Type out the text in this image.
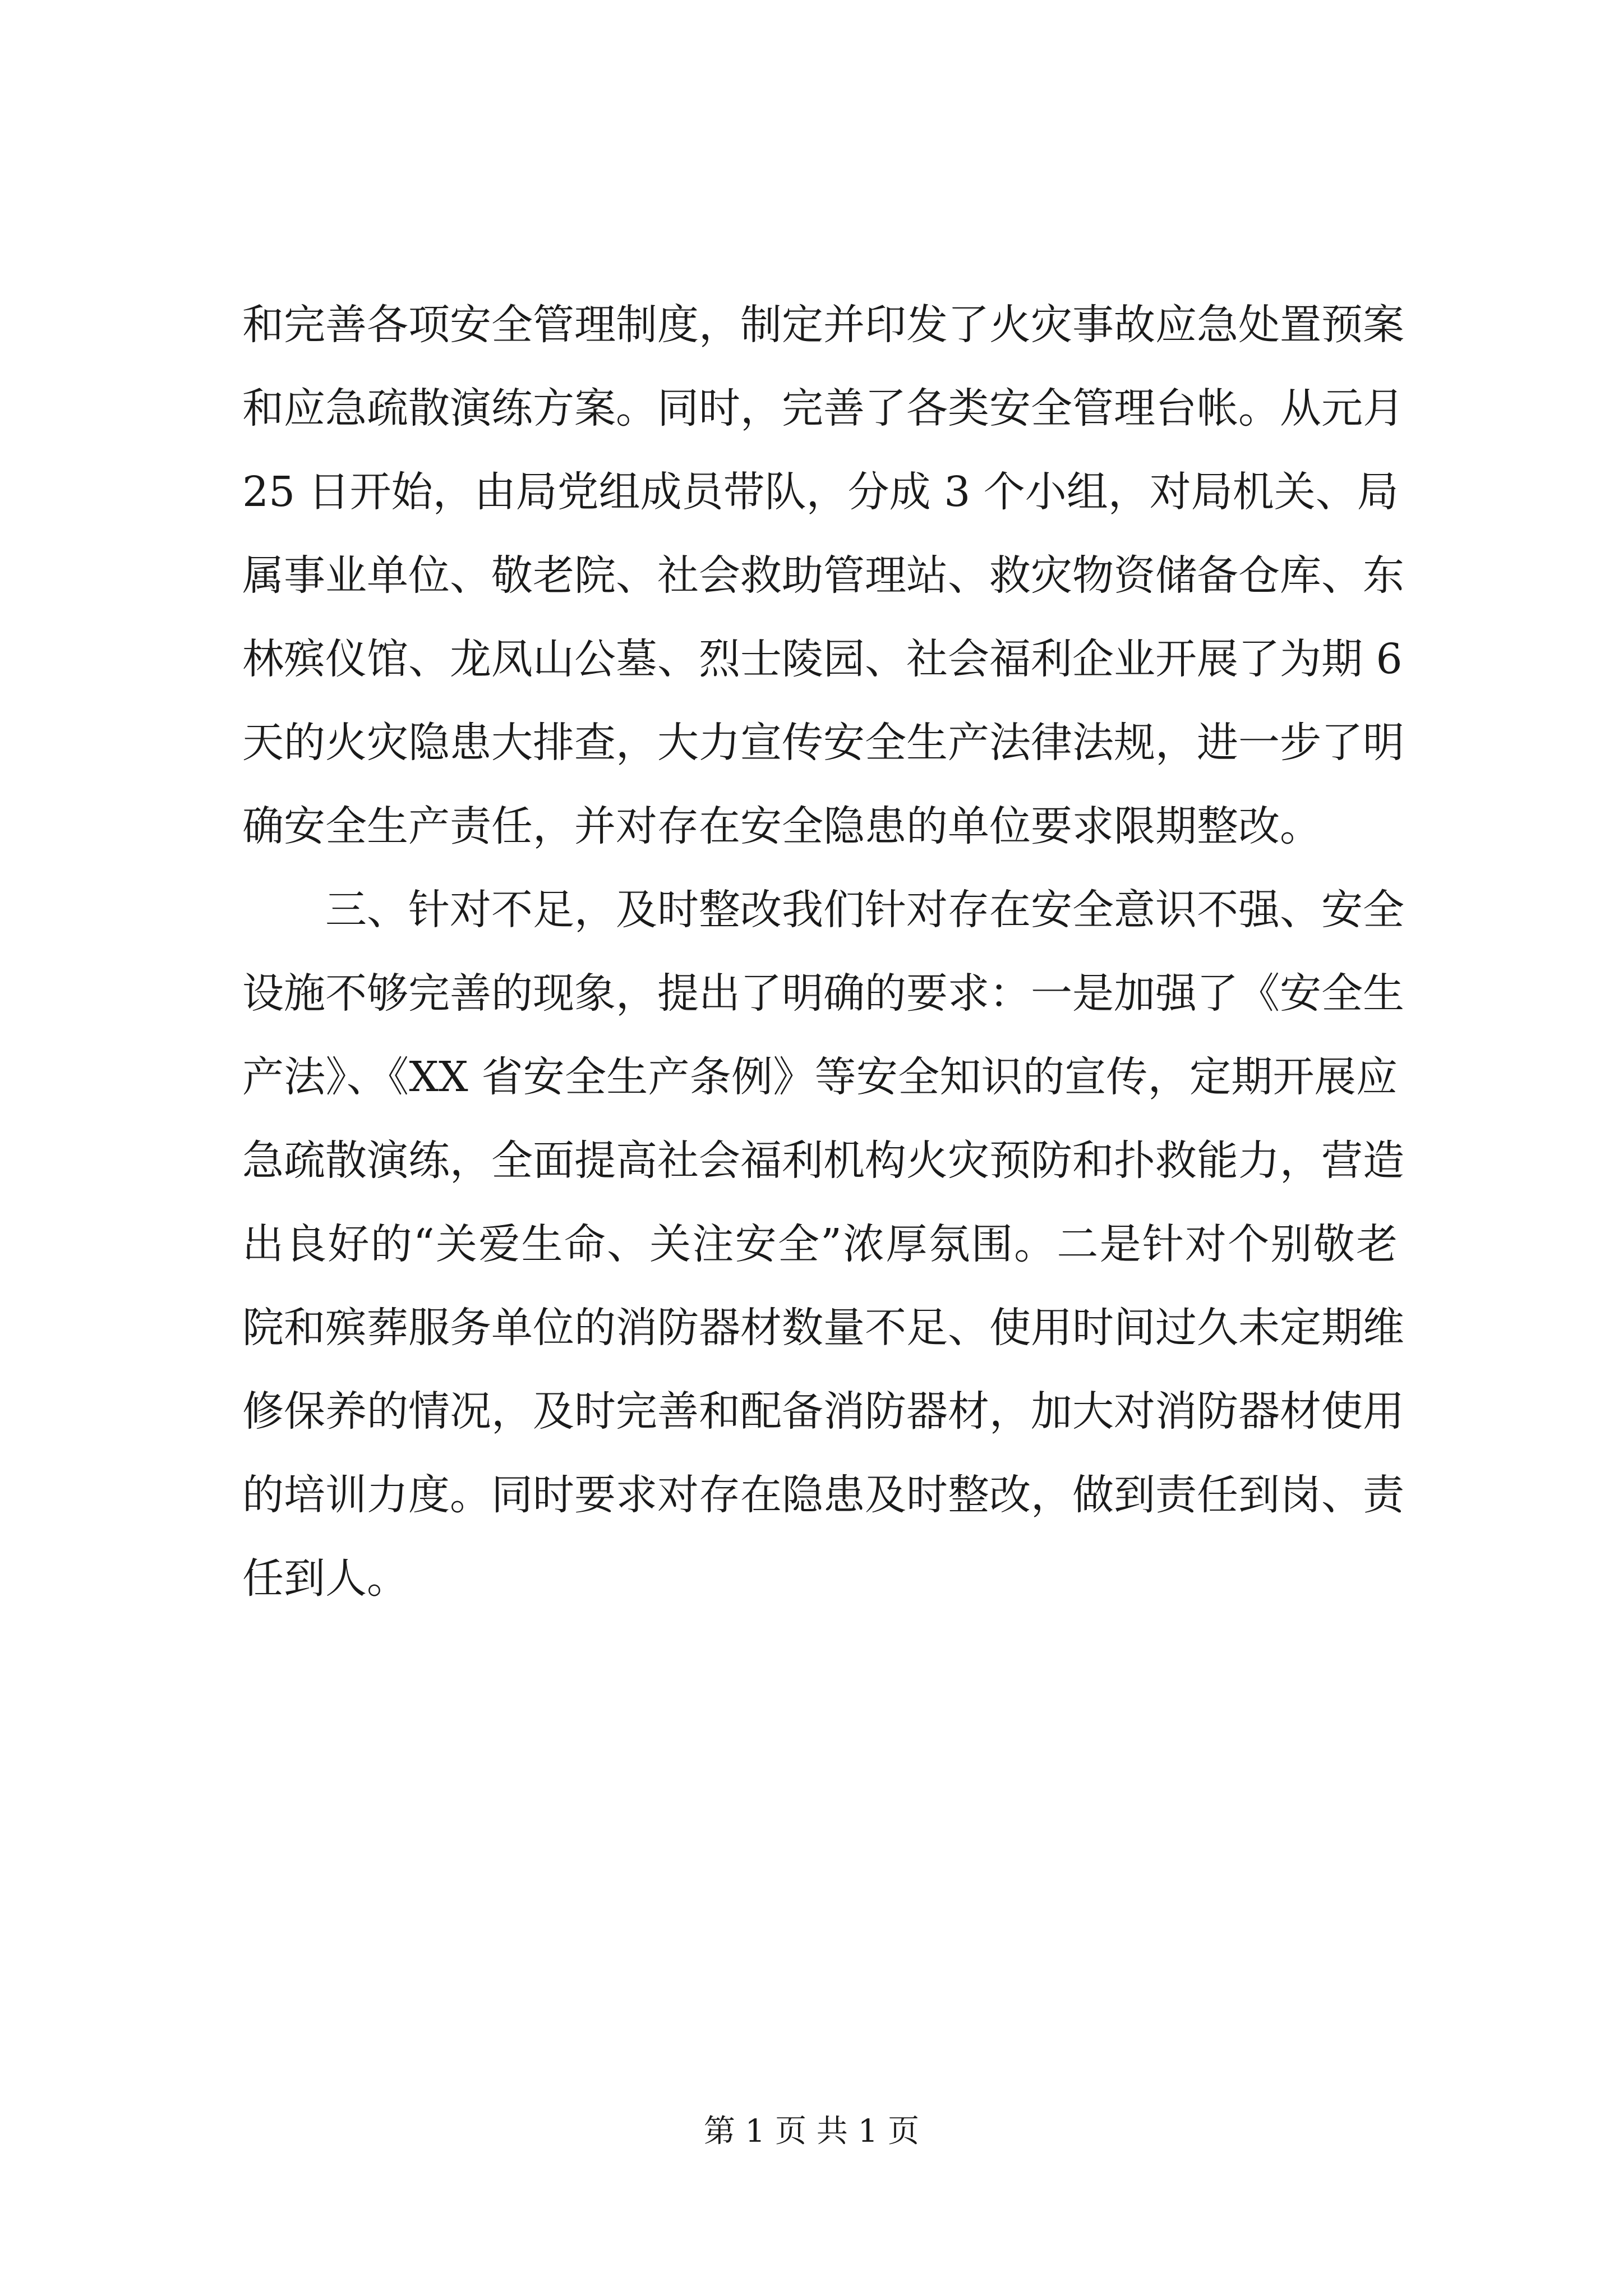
和完善各项安全管理制度，制定并印发了火灾事故应急处置预案
和应急疏散演练方案。同时，完善了各类安全管理台帐。从元月
25 日开始，由局党组成员带队，分成 3 个小组，对局机关、局
属事业单位、敬老院、社会救助管理站、救灾物资储备仓库、东
林殡仪馆、龙凤山公墓、烈士陵园、社会福利企业开展了为期 6
天的火灾隐患大排查，大力宣传安全生产法律法规，进一步了明
确安全生产责任，并对存在安全隐患的单位要求限期整改。
三、针对不足，及时整改我们针对存在安全意识不强、安全
设施不够完善的现象，提出了明确的要求：一是加强了《安全生
产法》、《XX 省安全生产条例》等安全知识的宣传，定期开展应
急疏散演练，全面提高社会福利机构火灾预防和扑救能力，营造
出良好的“关爱生命、关注安全”浓厚氛围。二是针对个别敬老
院和殡葬服务单位的消防器材数量不足、使用时间过久未定期维
修保养的情况，及时完善和配备消防器材，加大对消防器材使用
的培训力度。同时要求对存在隐患及时整改，做到责任到岗、责
任到人。
第 1 页 共 1 页
